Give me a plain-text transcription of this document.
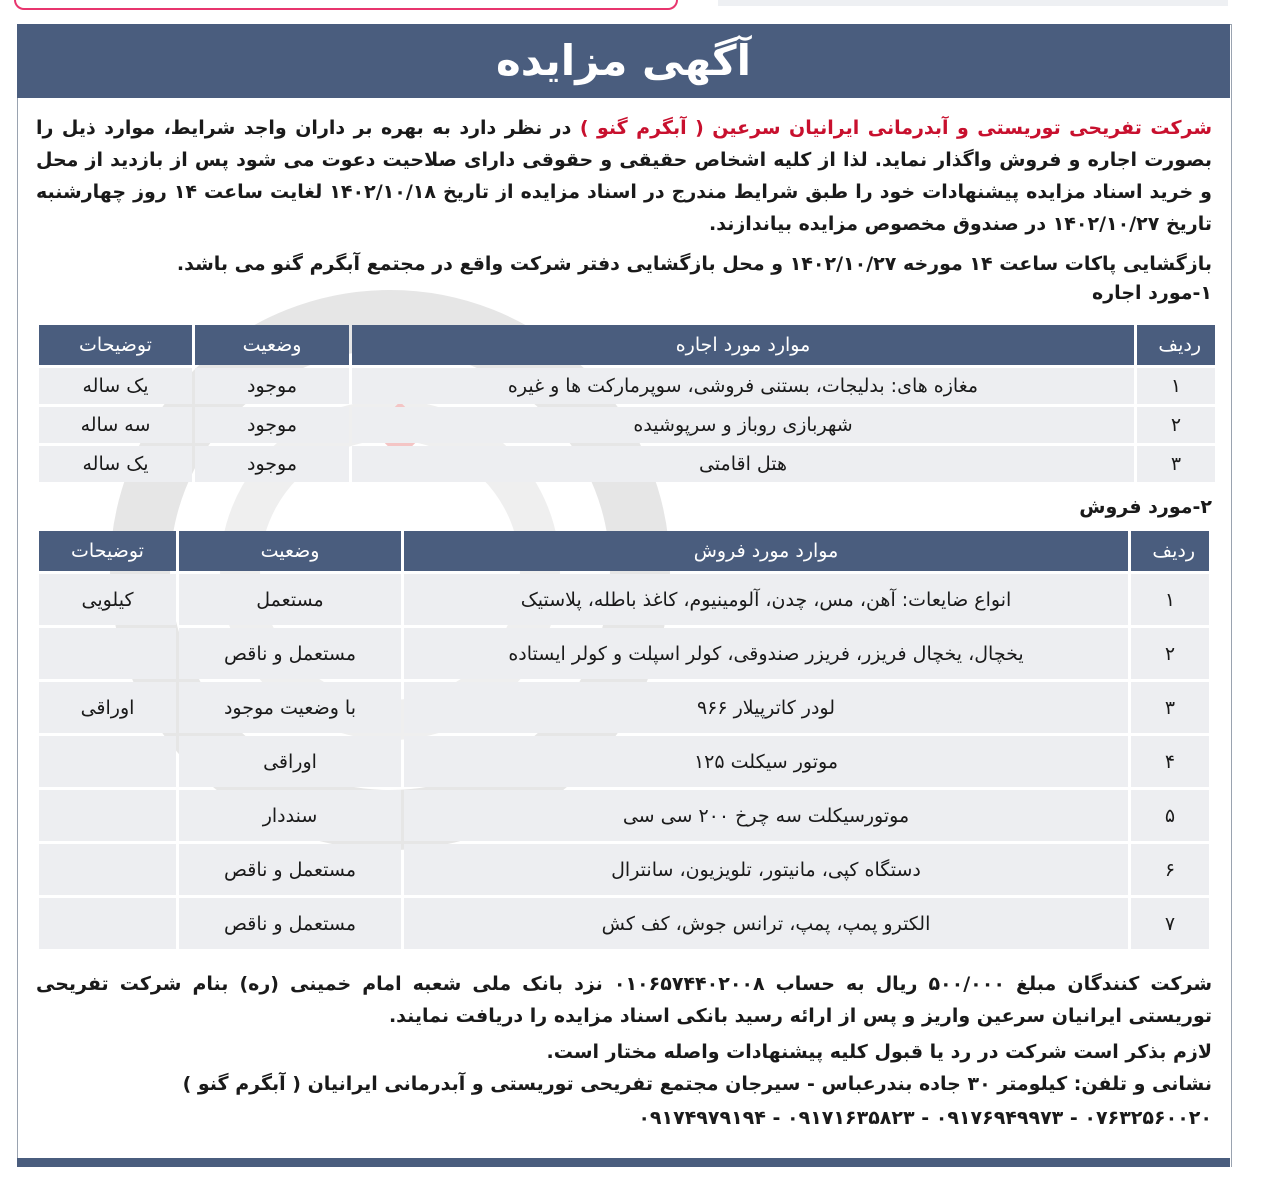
آگهی مزایده
شرکت تفریحی توریستی و آبدرمانی ایرانیان سرعین ( آبگرم گنو ) در نظر دارد به بهره بر داران واجد شرایط، موارد ذیل را بصورت اجاره و فروش واگذار نماید. لذا از کلیه اشخاص حقیقی و حقوقی دارای صلاحیت دعوت می شود پس از بازدید از محل و خرید اسناد مزایده پیشنهادات خود را طبق شرایط مندرج در اسناد مزایده از تاریخ ۱۴۰۲/۱۰/۱۸ لغایت ساعت ۱۴ روز چهارشنبه تاریخ ۱۴۰۲/۱۰/۲۷ در صندوق مخصوص مزایده بیاندازند.
بازگشایی پاکات ساعت ۱۴ مورخه ۱۴۰۲/۱۰/۲۷ و محل بازگشایی دفتر شرکت واقع در مجتمع آبگرم گنو می باشد.
۱-مورد اجاره
ردیف	موارد مورد اجاره	وضعیت	توضیحات
۱	مغازه های: بدلیجات، بستنی فروشی، سوپرمارکت ها و غیره	موجود	یک ساله
۲	شهربازی روباز و سرپوشیده	موجود	سه ساله
۳	هتل اقامتی	موجود	یک ساله
۲-مورد فروش
ردیف	موارد مورد فروش	وضعیت	توضیحات
۱	انواع ضایعات: آهن، مس، چدن، آلومینیوم، کاغذ باطله، پلاستیک	مستعمل	کیلویی
۲	یخچال، یخچال فریزر، فریزر صندوقی، کولر اسپلت و کولر ایستاده	مستعمل و ناقص	
۳	لودر کاترپیلار ۹۶۶	با وضعیت موجود	اوراقی
۴	موتور سیکلت ۱۲۵	اوراقی	
۵	موتورسیکلت سه چرخ ۲۰۰ سی سی	سنددار	
۶	دستگاه کپی، مانیتور، تلویزیون، سانترال	مستعمل و ناقص	
۷	الکترو پمپ، پمپ، ترانس جوش، کف کش	مستعمل و ناقص	
شرکت کنندگان مبلغ ۵۰۰/۰۰۰ ریال به حساب ۰۱۰۶۵۷۴۴۰۲۰۰۸ نزد بانک ملی شعبه امام خمینی (ره) بنام شرکت تفریحی توریستی ایرانیان سرعین واریز و پس از ارائه رسید بانکی اسناد مزایده را دریافت نمایند.
لازم بذکر است شرکت در رد یا قبول کلیه پیشنهادات واصله مختار است.
نشانی و تلفن: کیلومتر ۳۰ جاده بندرعباس - سیرجان مجتمع تفریحی توریستی و آبدرمانی ایرانیان ( آبگرم گنو )
۰۷۶۳۲۵۶۰۰۲۰ - ۰۹۱۷۶۹۴۹۹۷۳ - ۰۹۱۷۱۶۳۵۸۲۳ - ۰۹۱۷۴۹۷۹۱۹۴
